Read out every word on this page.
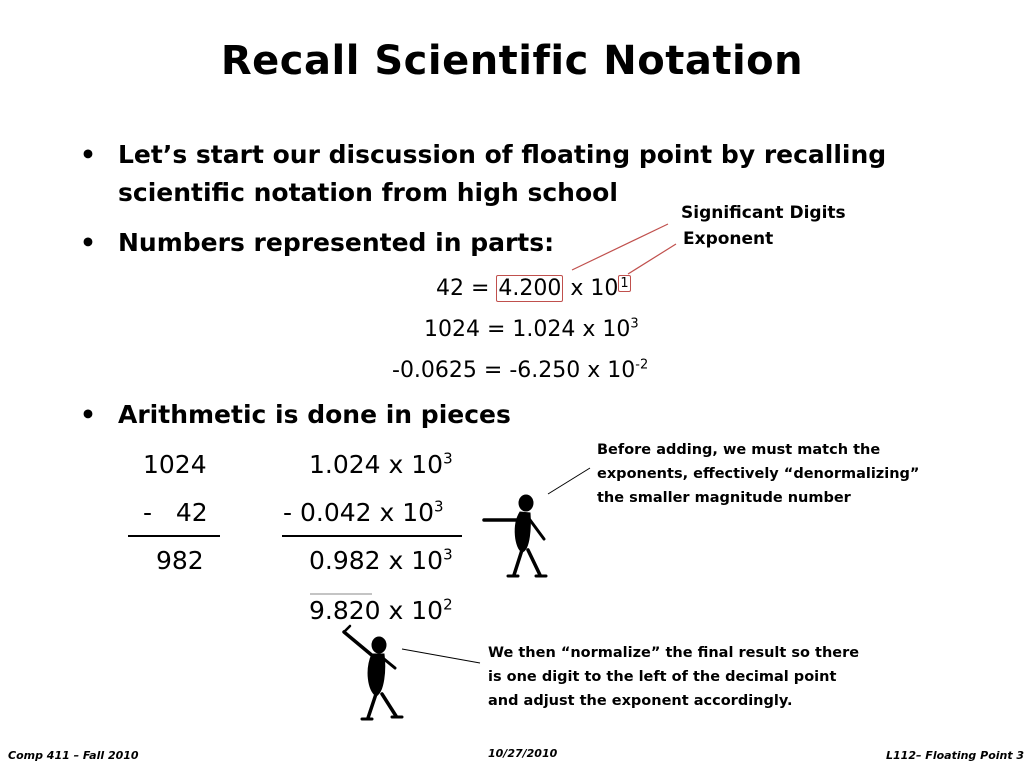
Recall Scientific Notation
• Let’s start our discussion of floating point by recalling
scientific notation from high school
• Numbers represented in parts:
• Arithmetic is done in pieces
Significant Digits
Exponent
42 = 4.200 x 10 $^1$
1024 = 1.024 x $10^3$
-0.0625 = -6.250 x $10^{-2}$
1024
-   42
982
1.024 x $10^3$
- 0.042 x $10^3$
0.982 x $10^3$
9.820 x $10^2$
Before adding, we must match the
exponents, effectively “denormalizing”
the smaller magnitude number
We then “normalize” the final result so there
is one digit to the left of the decimal point
and adjust the exponent accordingly.
Comp 411 – Fall 2010	10/27/2010	L112– Floating Point 3
